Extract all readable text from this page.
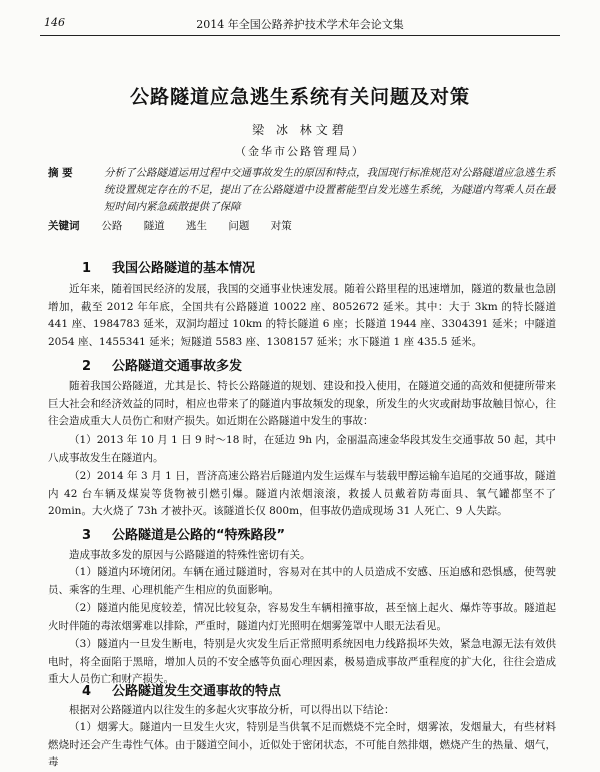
146	2014 年全国公路养护技术学术年会论文集
公路隧道应急逃生系统有关问题及对策
梁 冰 林文碧
（金华市公路管理局）
摘 要	分析了公路隧道运用过程中交通事故发生的原因和特点，我国现行标准规范对公路隧道应急逃生系统设置规定存在的不足，提出了在公路隧道中设置蓄能型自发光逃生系统，为隧道内驾乘人员在最短时间内紧急疏散提供了保障
关键词 公路 隧道 逃生 问题 对策
1 我国公路隧道的基本情况
近年来，随着国民经济的发展，我国的交通事业快速发展。随着公路里程的迅速增加，隧道的数量也急剧增加，截至 2012 年年底，全国共有公路隧道 10022 座、8052672 延米。其中：大于 3km 的特长隧道 441 座、1984783 延米，双洞均超过 10km 的特长隧道 6 座；长隧道 1944 座、3304391 延米；中隧道 2054 座、1455341 延米；短隧道 5583 座、1308157 延米；水下隧道 1 座 435.5 延米。
2 公路隧道交通事故多发
随着我国公路隧道，尤其是长、特长公路隧道的规划、建设和投入使用，在隧道交通的高效和便捷所带来巨大社会和经济效益的同时，相应也带来了的隧道内事故频发的现象，所发生的火灾或耐劫事故触目惊心，往往会造成重大人员伤亡和财产损失。如近期在公路隧道中发生的事故：
（1）2013 年 10 月 1 日 9 时～18 时，在延边 9h 内，金丽温高速金华段其发生交通事故 50 起，其中八成事故发生在隧道内。
（2）2014 年 3 月 1 日，晋济高速公路岩后隧道内发生运煤车与装载甲醇运输车追尾的交通事故，隧道内 42 台车辆及煤炭等货物被引燃引爆。隧道内浓烟滚滚，救援人员戴着防毒面具、氧气罐都坚不了 20min。大火烧了 73h 才被扑灭。该隧道长仅 800m，但事故仍造成现场 31 人死亡、9 人失踪。
3 公路隧道是公路的“特殊路段”
造成事故多发的原因与公路隧道的特殊性密切有关。
（1）隧道内环境闭闭。车辆在通过隧道时，容易对在其中的人员造成不安感、压迫感和恐惧感，使驾驶员、乘客的生理、心理机能产生相应的负面影响。
（2）隧道内能见度较差，情况比较复杂，容易发生车辆相撞事故，甚至恼上起火、爆炸等事故。隧道起火时伴随的毒浓烟雾难以排除，严重时，隧道内灯光照明在烟雾笼罩中人眼无法看见。
（3）隧道内一旦发生断电，特别是火灾发生后正常照明系统因电力线路损坏失效，紧急电源无法有效供电时，将全面陷于黑暗，增加人员的不安全感等负面心理因素，极易造成事故严重程度的扩大化，往往会造成重大人员伤亡和财产损失。
4 公路隧道发生交通事故的特点
根据对公路隧道内以往发生的多起火灾事故分析，可以得出以下结论：
（1）烟雾大。隧道内一旦发生火灾，特别是当供氧不足而燃烧不完全时，烟雾浓，发烟量大，有些材料燃烧时还会产生毒性气体。由于隧道空间小，近似处于密闭状态，不可能自然排烟，燃烧产生的热量、烟气，毒
